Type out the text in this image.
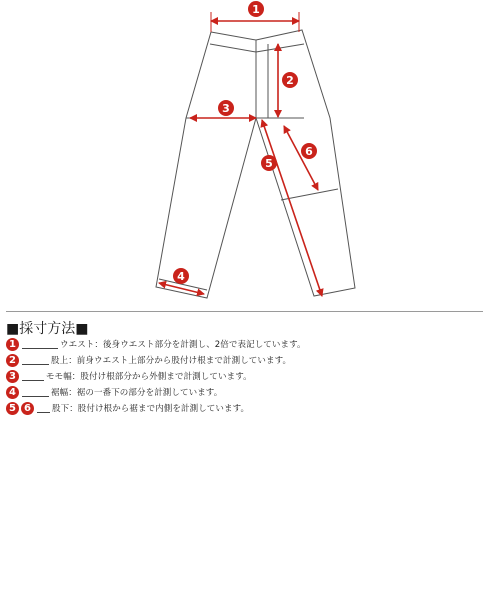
1
2
3
4
5
6
■採寸方法■
1	ウエスト：後身ウエスト部分を計測し、2倍で表記しています。
2	股上：前身ウエスト上部分から股付け根まで計測しています。
3	モモ幅：股付け根部分から外側まで計測しています。
4	裾幅：裾の一番下の部分を計測しています。
5 6	股下：股付け根から裾まで内側を計測しています。
